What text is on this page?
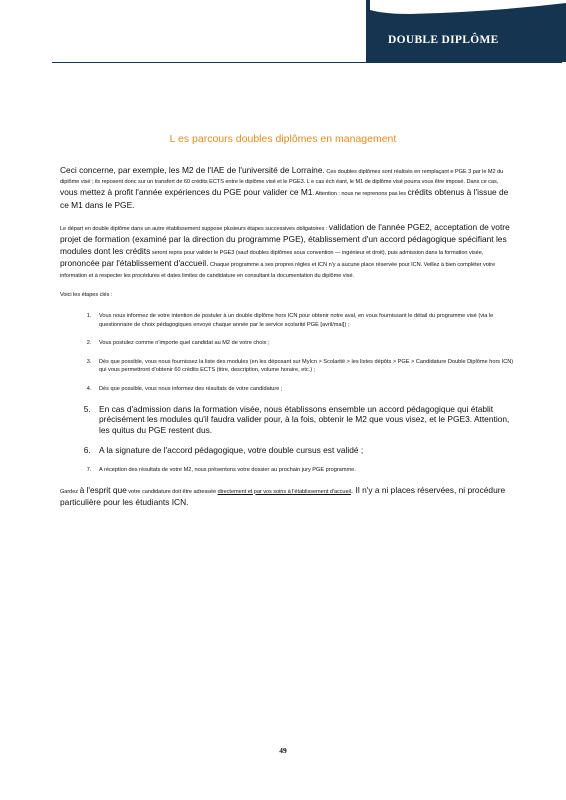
DOUBLE DIPLÔME
L es parcours doubles diplômes en management

Ceci concerne, par exemple, les M2 de l'IAE de l'université de Lorraine. Ces doubles diplômes sont réalisés en remplaçant e PGE 3 par le M2 du diplôme visé ; ils reposent donc sur un transfert de 60 crédits ECTS entre le diplôme visé et le PGE3. L e cas éch éant, le M1 de diplôme visé pourra vous être imposé. Dans ce cas, vous mettez à profit l'année expériences du PGE pour valider ce M1. Attention : nous ne reprenons pas les crédits obtenus à l'issue de ce M1 dans le PGE.

Le départ en double diplôme dans un autre établissement suppose plusieurs étapes successives obligatoires : validation de l'année PGE2, acceptation de votre projet de formation (examiné par la direction du programme PGE), établissement d'un accord pédagogique spécifiant les modules dont les crédits seront repris pour valider le PGE3 (sauf doubles diplômes sous convention — ingénieur et droit), puis admission dans la formation visée, prononcée par l'établissement d'accueil. Chaque programme a ses propres règles et ICN n'y a aucune place réservée pour ICN. Veillez à bien compléter votre information et à respecter les procédures et dates limites de candidature en consultant la documentation du diplôme visé.

Voici les étapes clés :

1. Vous nous informez de votre intention de postuler à un double diplôme hors ICN pour obtenir notre aval, en vous fournissant le détail du programme visé (via le questionnaire de choix pédagogiques envoyé chaque année par le service scolarité PGE [avril/mai]) ;
2. Vous postulez comme n'importe quel candidat au M2 de votre choix ;
3. Dès que possible, vous nous fournissez la liste des modules (en les déposant sur MyIcn > Scolarité > les listes dépôts > PGE > Candidature Double Diplôme hors ICN) qui vous permettront d'obtenir 60 crédits ECTS (titre, description, volume horaire, etc.) ;
4. Dès que possible, vous nous informez des résultats de votre candidature ;
5. En cas d'admission dans la formation visée, nous établissons ensemble un accord pédagogique qui établit précisément les modules qu'il faudra valider pour, à la fois, obtenir le M2 que vous visez, et le PGE3. Attention, les quitus du PGE restent dus.
6. A la signature de l'accord pédagogique, votre double cursus est validé ;
7. A réception des résultats de votre M2, nous présentons votre dossier au prochain jury PGE programme.

Gardez à l'esprit que votre candidature doit être adressée directement et par vos soins à l'établissement d'accueil. Il n'y a ni places réservées, ni procédure particulière pour les étudiants ICN.

49
